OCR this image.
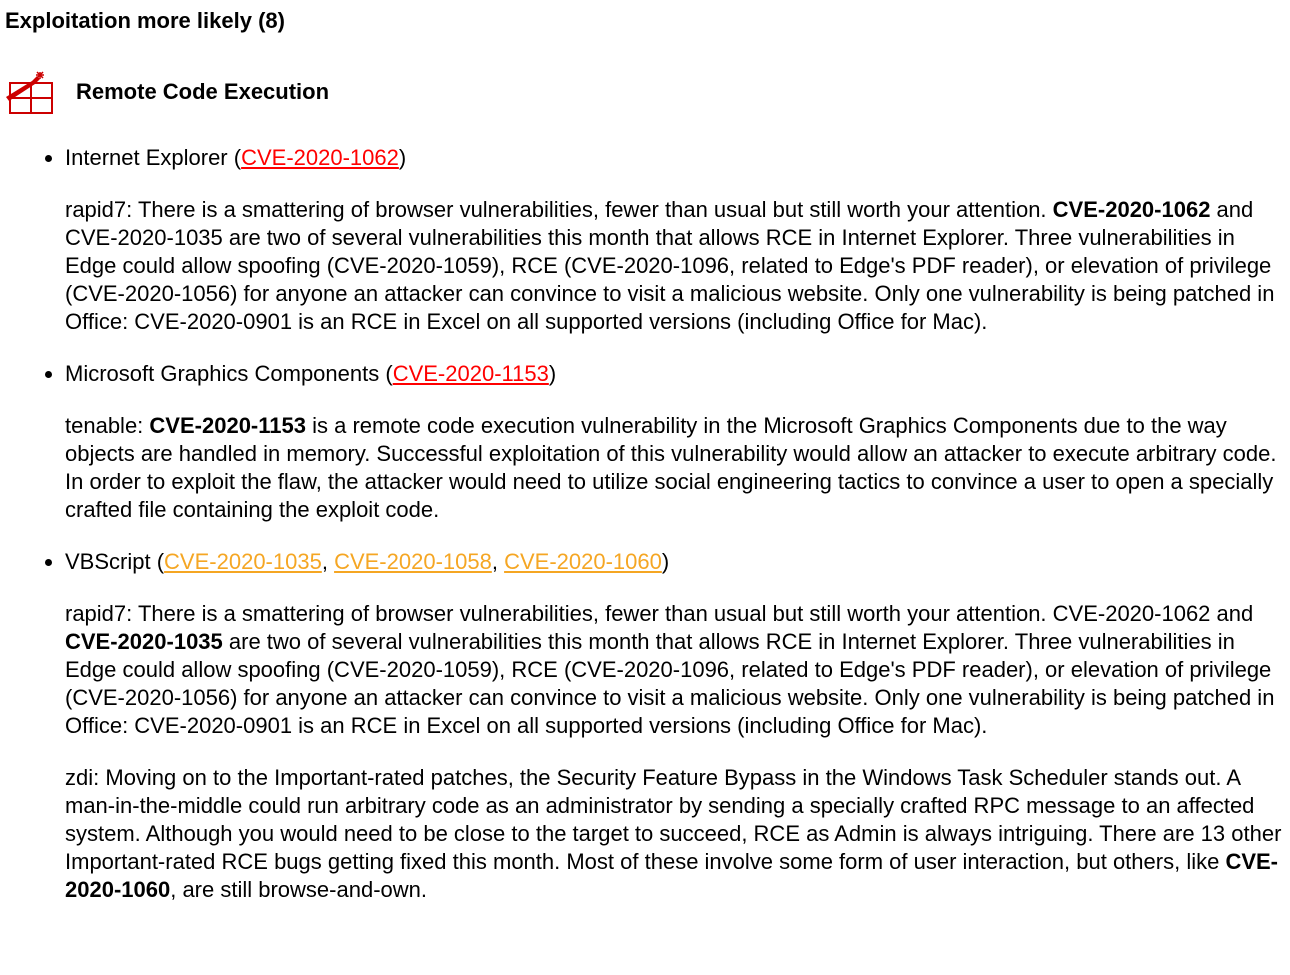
Exploitation more likely (8)
Remote Code Execution
• Internet Explorer (CVE-2020-1062)
rapid7: There is a smattering of browser vulnerabilities, fewer than usual but still worth your attention. CVE-2020-1062 and CVE-2020-1035 are two of several vulnerabilities this month that allows RCE in Internet Explorer. Three vulnerabilities in Edge could allow spoofing (CVE-2020-1059), RCE (CVE-2020-1096, related to Edge's PDF reader), or elevation of privilege (CVE-2020-1056) for anyone an attacker can convince to visit a malicious website. Only one vulnerability is being patched in Office: CVE-2020-0901 is an RCE in Excel on all supported versions (including Office for Mac).
• Microsoft Graphics Components (CVE-2020-1153)
tenable: CVE-2020-1153 is a remote code execution vulnerability in the Microsoft Graphics Components due to the way objects are handled in memory. Successful exploitation of this vulnerability would allow an attacker to execute arbitrary code. In order to exploit the flaw, the attacker would need to utilize social engineering tactics to convince a user to open a specially crafted file containing the exploit code.
• VBScript (CVE-2020-1035, CVE-2020-1058, CVE-2020-1060)
rapid7: There is a smattering of browser vulnerabilities, fewer than usual but still worth your attention. CVE-2020-1062 and CVE-2020-1035 are two of several vulnerabilities this month that allows RCE in Internet Explorer. Three vulnerabilities in Edge could allow spoofing (CVE-2020-1059), RCE (CVE-2020-1096, related to Edge's PDF reader), or elevation of privilege (CVE-2020-1056) for anyone an attacker can convince to visit a malicious website. Only one vulnerability is being patched in Office: CVE-2020-0901 is an RCE in Excel on all supported versions (including Office for Mac).
zdi: Moving on to the Important-rated patches, the Security Feature Bypass in the Windows Task Scheduler stands out. A man-in-the-middle could run arbitrary code as an administrator by sending a specially crafted RPC message to an affected system. Although you would need to be close to the target to succeed, RCE as Admin is always intriguing. There are 13 other Important-rated RCE bugs getting fixed this month. Most of these involve some form of user interaction, but others, like CVE-2020-1060, are still browse-and-own.
